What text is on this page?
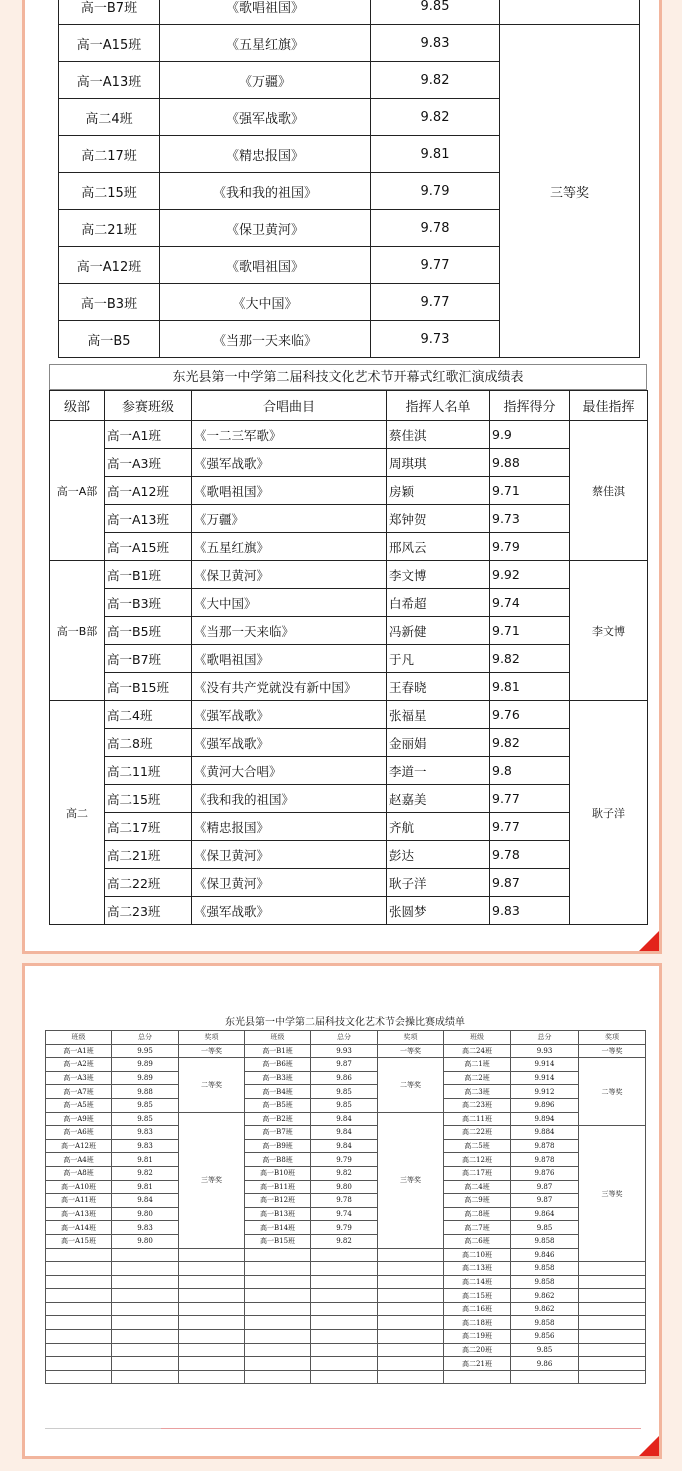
高一B7班	《歌唱祖国》	9.85	
高一A15班	《五星红旗》	9.83	三等奖
高一A13班	《万疆》	9.82	
高二4班	《强军战歌》	9.82	
高二17班	《精忠报国》	9.81	
高二15班	《我和我的祖国》	9.79	
高二21班	《保卫黄河》	9.78	
高一A12班	《歌唱祖国》	9.77	
高一B3班	《大中国》	9.77	
高一B5	《当那一天来临》	9.73	
东光县第一中学第二届科技文化艺术节开幕式红歌汇演成绩表
级部	参赛班级	合唱曲目	指挥人名单	指挥得分	最佳指挥
高一A部	高一A1班	《一二三军歌》	蔡佳淇	9.9	蔡佳淇
	高一A3班	《强军战歌》	周琪琪	9.88	
	高一A12班	《歌唱祖国》	房颖	9.71	
	高一A13班	《万疆》	郑钟贺	9.73	
	高一A15班	《五星红旗》	邢风云	9.79	
高一B部	高一B1班	《保卫黄河》	李文博	9.92	李文博
	高一B3班	《大中国》	白希超	9.74	
	高一B5班	《当那一天来临》	冯新健	9.71	
	高一B7班	《歌唱祖国》	于凡	9.82	
	高一B15班	《没有共产党就没有新中国》	王春晓	9.81	
高二	高二4班	《强军战歌》	张福星	9.76	耿子洋
	高二8班	《强军战歌》	金丽娟	9.82	
	高二11班	《黄河大合唱》	李道一	9.8	
	高二15班	《我和我的祖国》	赵嘉美	9.77	
	高二17班	《精忠报国》	齐航	9.77	
	高二21班	《保卫黄河》	彭达	9.78	
	高二22班	《保卫黄河》	耿子洋	9.87	
	高二23班	《强军战歌》	张圆梦	9.83	
东光县第一中学第二届科技文化艺术节会操比赛成绩单
班级	总分	奖项	班级	总分	奖项	班级	总分	奖项
高一A1班	9.95	一等奖	高一B1班	9.93	一等奖	高二24班	9.93	一等奖
高一A2班	9.89	二等奖	高一B6班	9.87	二等奖	高二1班	9.914	二等奖
高一A3班	9.89		高一B3班	9.86		高二2班	9.914	
高一A7班	9.88		高一B4班	9.85		高二3班	9.912	
高一A5班	9.85		高一B5班	9.85		高二23班	9.896	
高一A9班	9.85	三等奖	高一B2班	9.84	三等奖	高二11班	9.894	
高一A6班	9.83		高一B7班	9.84		高二22班	9.884	三等奖
高一A12班	9.83		高一B9班	9.84		高二5班	9.878	
高一A4班	9.81		高一B8班	9.79		高二12班	9.878	
高一A8班	9.82		高一B10班	9.82		高二17班	9.876	
高一A10班	9.81		高一B11班	9.80		高二4班	9.87	
高一A11班	9.84		高一B12班	9.78		高二9班	9.87	
高一A13班	9.80		高一B13班	9.74		高二8班	9.864	
高一A14班	9.83		高一B14班	9.79		高二7班	9.85	
高一A15班	9.80		高一B15班	9.82		高二6班	9.858	
						高二10班	9.846	
						高二13班	9.858	
						高二14班	9.858	
						高二15班	9.862	
						高二16班	9.862	
						高二18班	9.858	
						高二19班	9.856	
						高二20班	9.85	
						高二21班	9.86	
